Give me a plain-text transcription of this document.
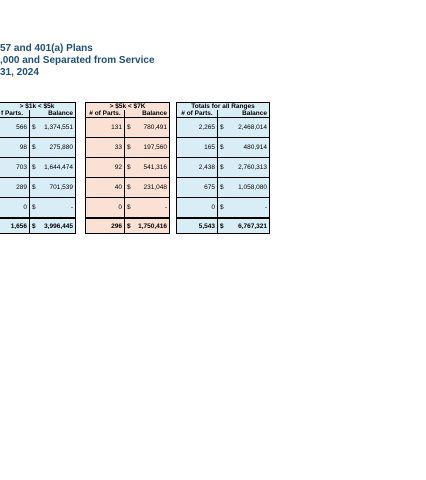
57 and 401(a) Plans
,000 and Separated from Service
31, 2024
> $1k < $5k			> $5k < $7K			Totals for all Ranges	
f Parts.	Balance		# of Parts.	Balance		# of Parts.	Balance
566	$ 1,374,551		131	$ 780,491		2,265	$ 2,468,014
98	$ 275,880		33	$ 197,560		165	$ 480,914
703	$ 1,644,474		92	$ 541,316		2,438	$ 2,760,313
289	$ 701,539		40	$ 231,048		675	$ 1,058,080
0	$ -		0	$ -		0	$ -
1,656	$ 3,996,445		296	$ 1,750,416		5,543	$ 6,767,321
